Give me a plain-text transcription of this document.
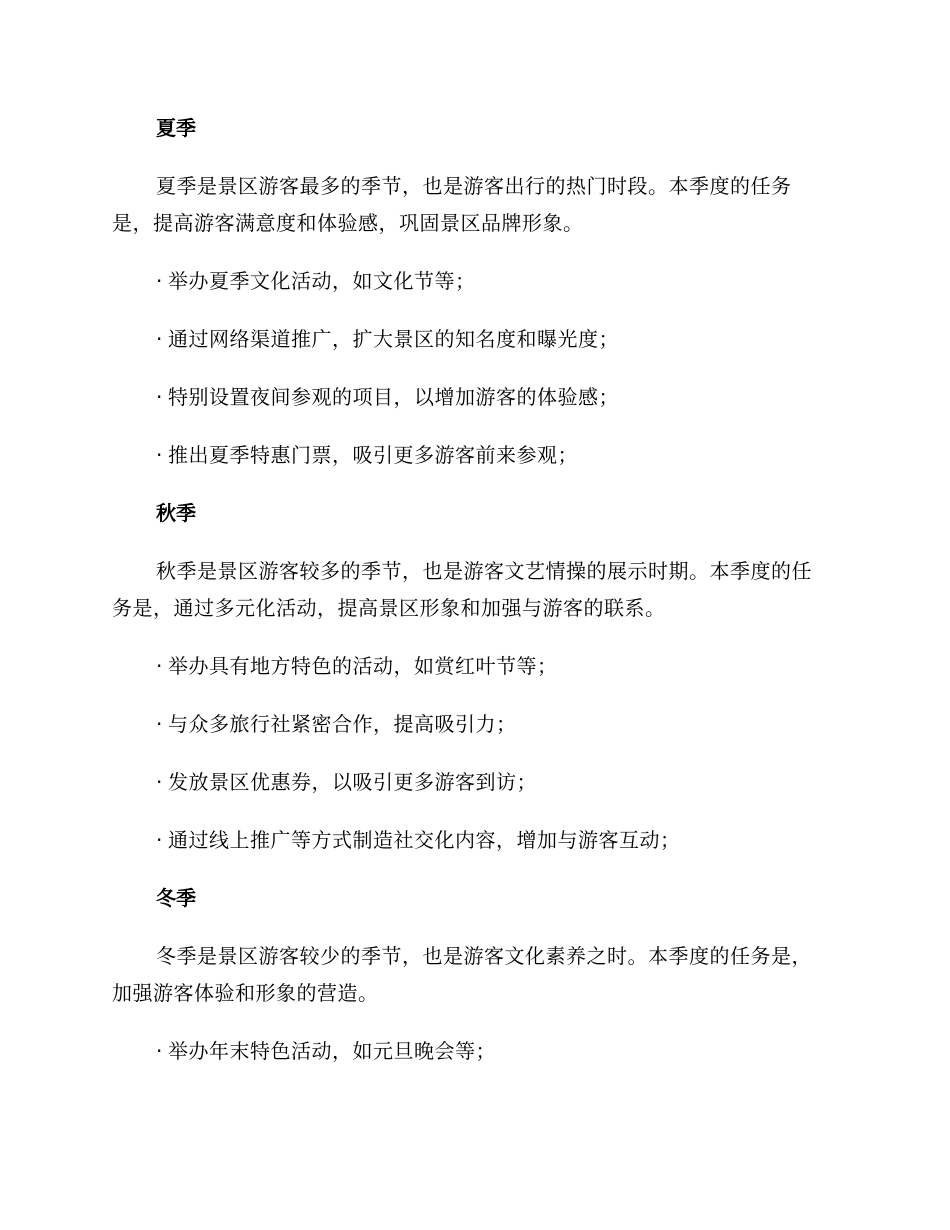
夏季
夏季是景区游客最多的季节，也是游客出行的热门时段。本季度的任务是，提高游客满意度和体验感，巩固景区品牌形象。
· 举办夏季文化活动，如文化节等；
· 通过网络渠道推广，扩大景区的知名度和曝光度；
· 特别设置夜间参观的项目，以增加游客的体验感；
· 推出夏季特惠门票，吸引更多游客前来参观；
秋季
秋季是景区游客较多的季节，也是游客文艺情操的展示时期。本季度的任务是，通过多元化活动，提高景区形象和加强与游客的联系。
· 举办具有地方特色的活动，如赏红叶节等；
· 与众多旅行社紧密合作，提高吸引力；
· 发放景区优惠券，以吸引更多游客到访；
· 通过线上推广等方式制造社交化内容，增加与游客互动；
冬季
冬季是景区游客较少的季节，也是游客文化素养之时。本季度的任务是，加强游客体验和形象的营造。
· 举办年末特色活动，如元旦晚会等；
